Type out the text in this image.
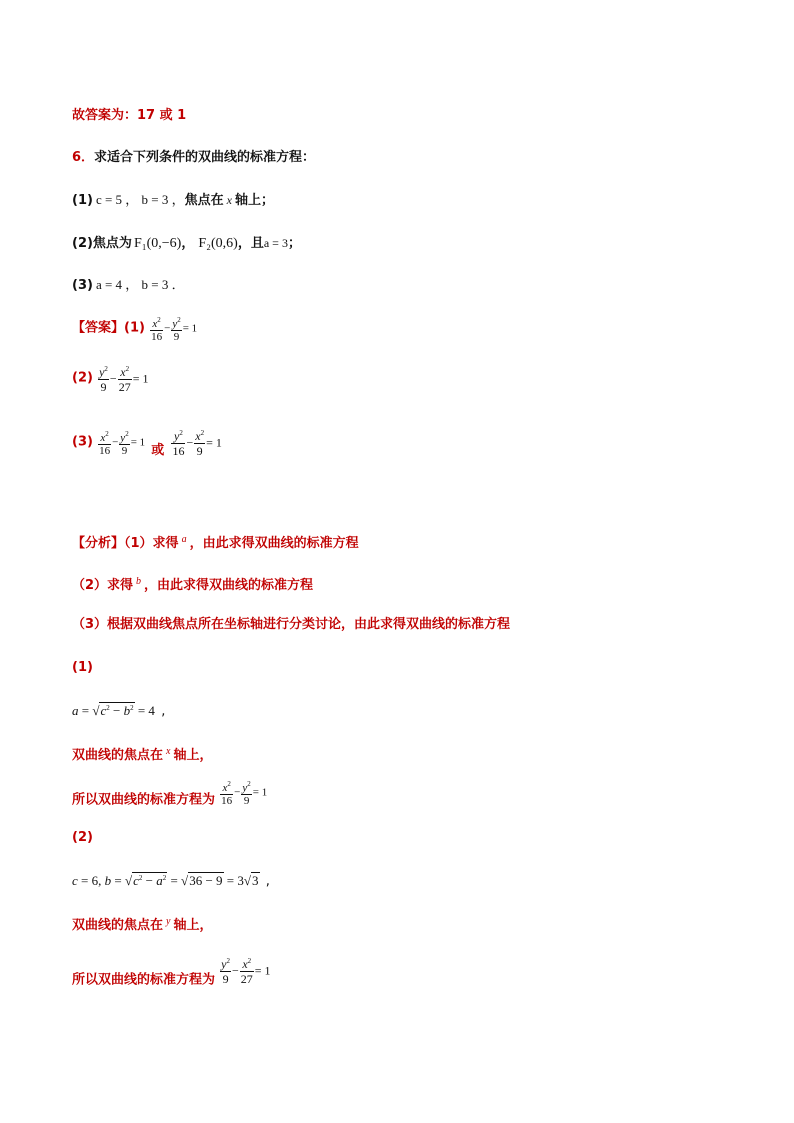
故答案为：17 或 1
6．求适合下列条件的双曲线的标准方程：
(1) c = 5 ， b = 3 ，焦点在 x 轴上；
(2)焦点为 F₁(0,−6)， F₂(0,6)，且a = 3；
(3) a = 4 ， b = 3 ．
【答案】$(1) \frac{x^2}{16} - \frac{y^2}{9} = 1$
$(2) \frac{y^2}{9} - \frac{x^2}{27} = 1$
$(3) \frac{x^2}{16} - \frac{y^2}{9} = 1$ 或 $\frac{y^2}{16} - \frac{x^2}{9} = 1$
【分析】（1）求得 $^a$ ，由此求得双曲线的标准方程
（2）求得 $^b$ ，由此求得双曲线的标准方程
（3）根据双曲线焦点所在坐标轴进行分类讨论，由此求得双曲线的标准方程
(1)
$a = √c^2 - b^2 = 4$ ,
双曲线的焦点在 $^x$ 轴上，
所以双曲线的标准方程为 $\frac{x^2}{16} - \frac{y^2}{9} = 1$
(2)
c = 6, $b = √c^2 - a^2 = √36 - 9 = 3√3$ ,
双曲线的焦点在 $^y$ 轴上，
所以双曲线的标准方程为 $\frac{y^2}{9} - \frac{x^2}{27} = 1$
